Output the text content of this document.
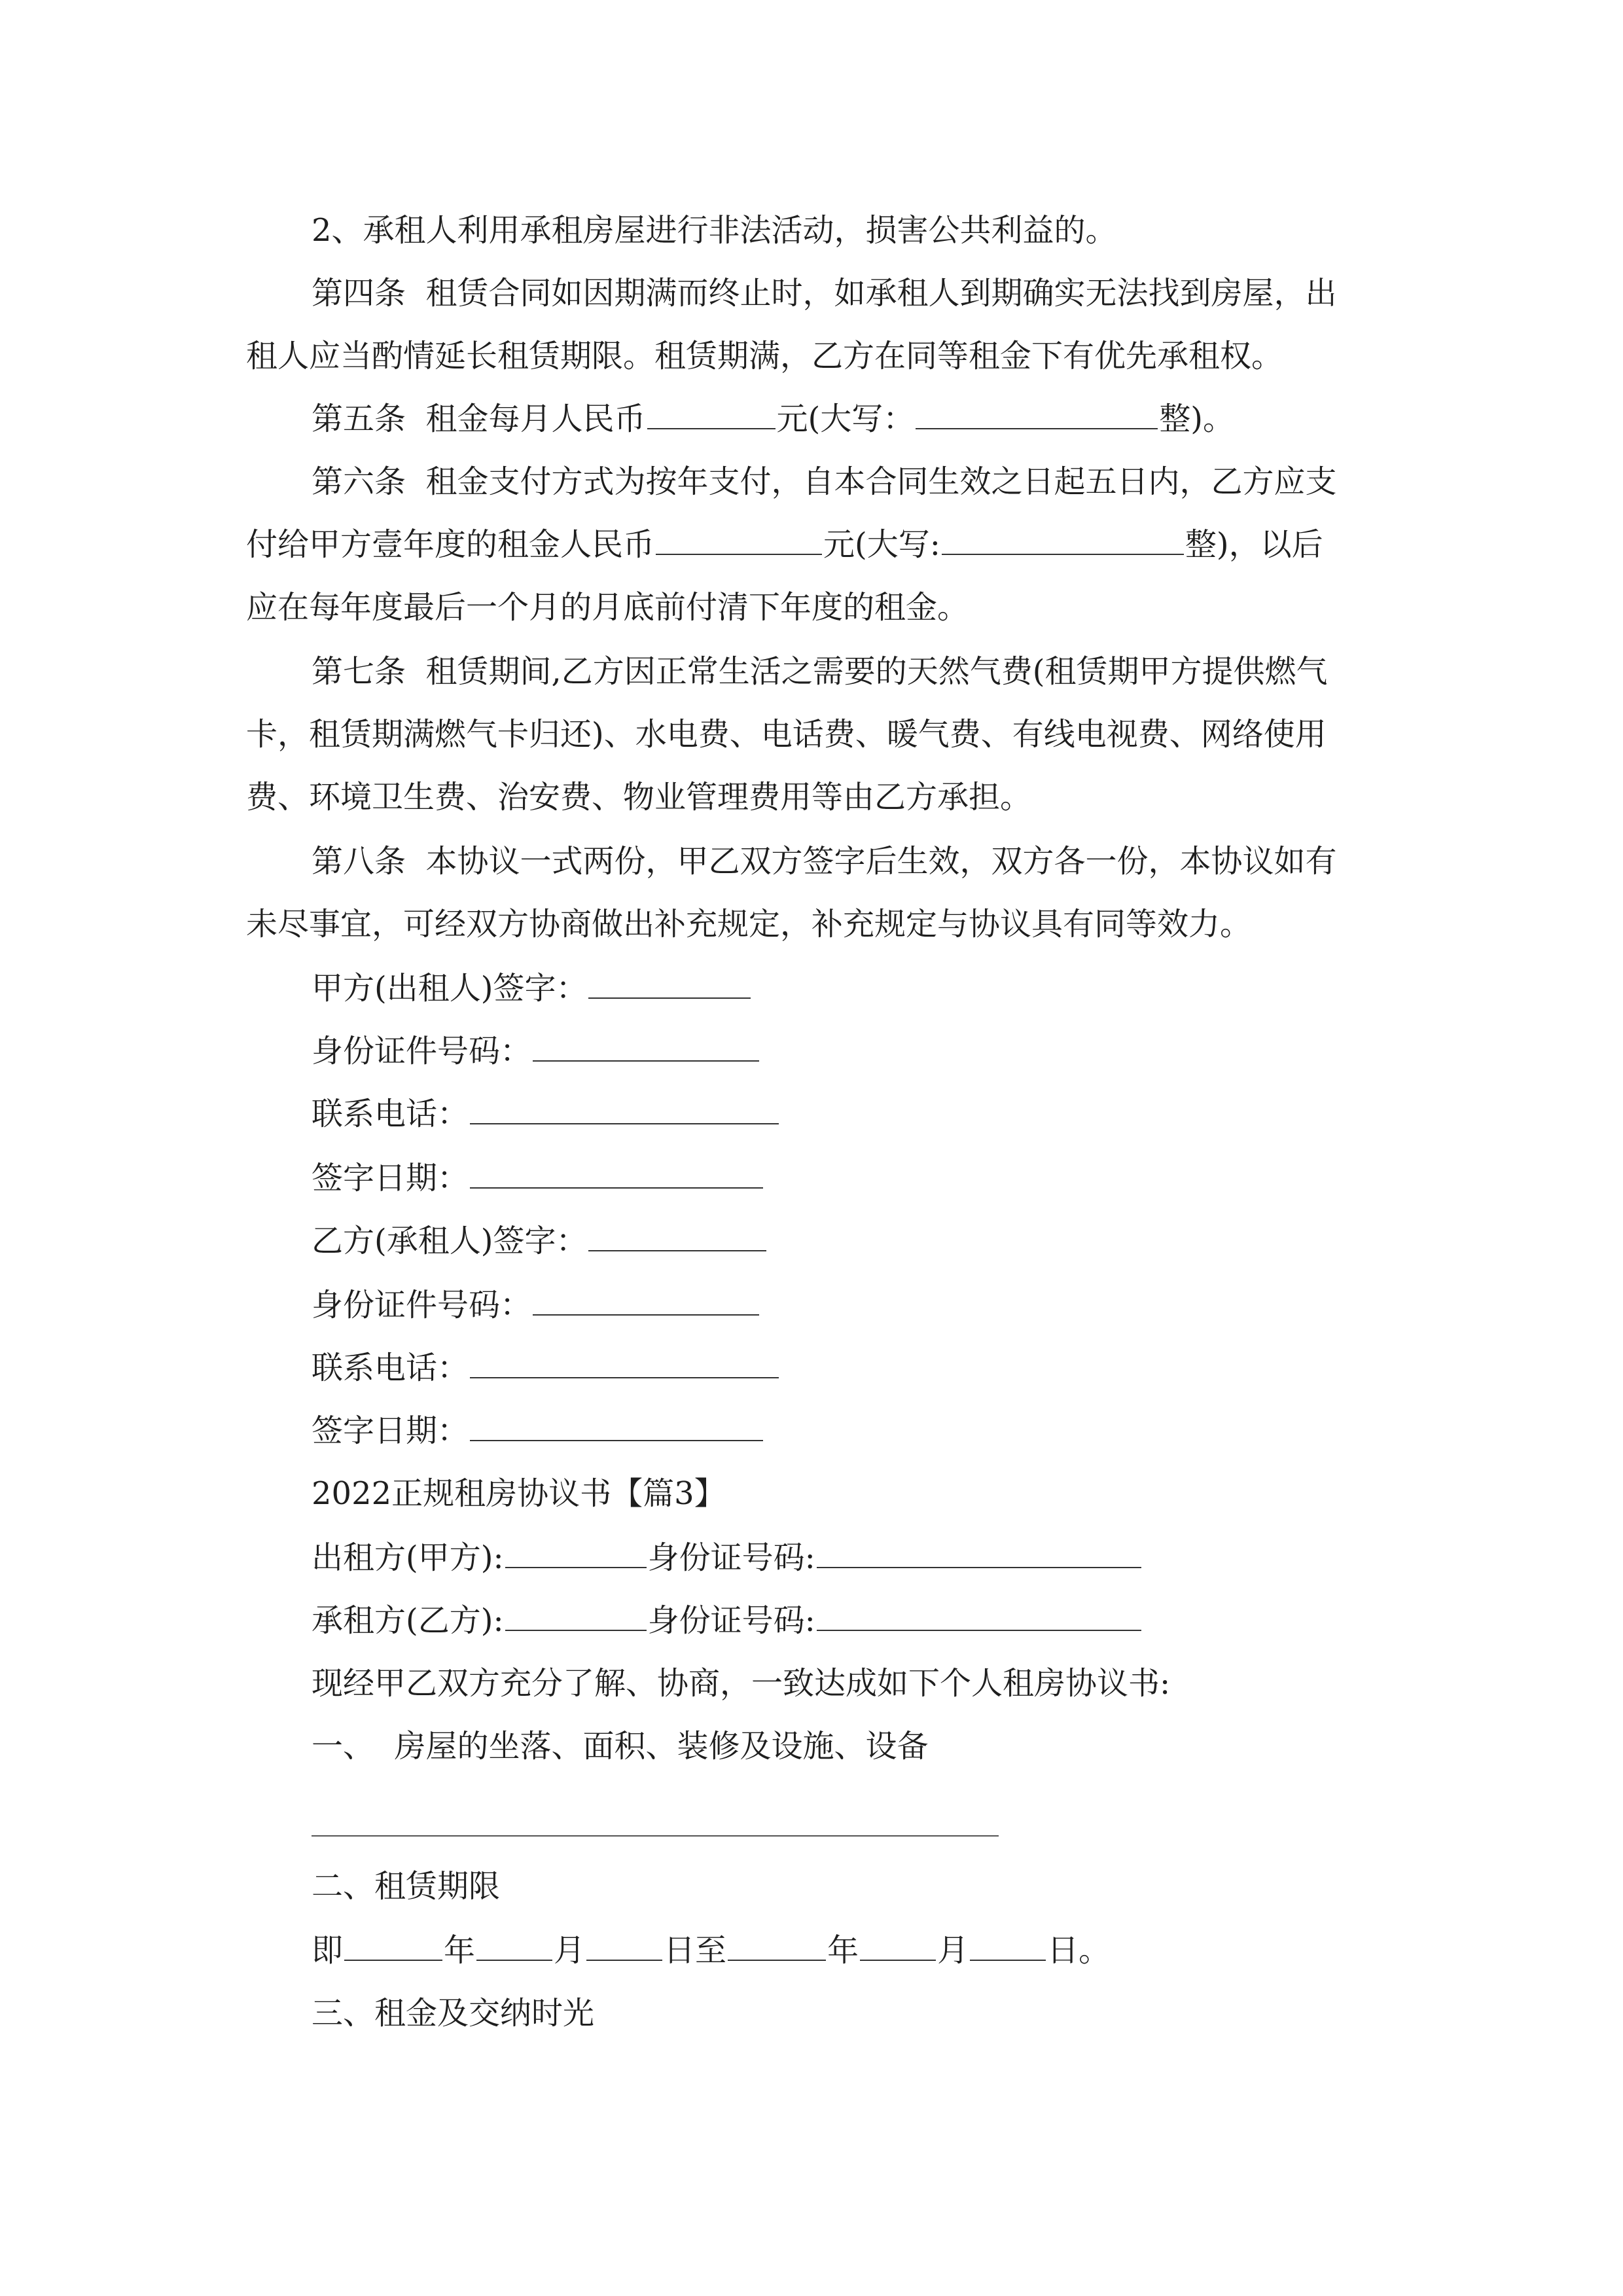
2、承租人利用承租房屋进行非法活动，损害公共利益的。
第四条  租赁合同如因期满而终止时，如承租人到期确实无法找到房屋，出
租人应当酌情延长租赁期限。租赁期满，乙方在同等租金下有优先承租权。
第五条  租金每月人民币	元(大写：	整)。
第六条  租金支付方式为按年支付，自本合同生效之日起五日内，乙方应支
付给甲方壹年度的租金人民币	元(大写:	整)，以后
应在每年度最后一个月的月底前付清下年度的租金。
第七条  租赁期间,乙方因正常生活之需要的天然气费(租赁期甲方提供燃气
卡，租赁期满燃气卡归还)、水电费、电话费、暖气费、有线电视费、网络使用
费、环境卫生费、治安费、物业管理费用等由乙方承担。
第八条  本协议一式两份，甲乙双方签字后生效，双方各一份，本协议如有
未尽事宜，可经双方协商做出补充规定，补充规定与协议具有同等效力。
甲方(出租人)签字：
身份证件号码：
联系电话：
签字日期：
乙方(承租人)签字：
身份证件号码：
联系电话：
签字日期：
2022正规租房协议书【篇3】
出租方(甲方):	身份证号码:
承租方(乙方):	身份证号码:
现经甲乙双方充分了解、协商，一致达成如下个人租房协议书:
一、  房屋的坐落、面积、装修及设施、设备
二、租赁期限
即	年	月	日至	年	月	日。
三、租金及交纳时光
